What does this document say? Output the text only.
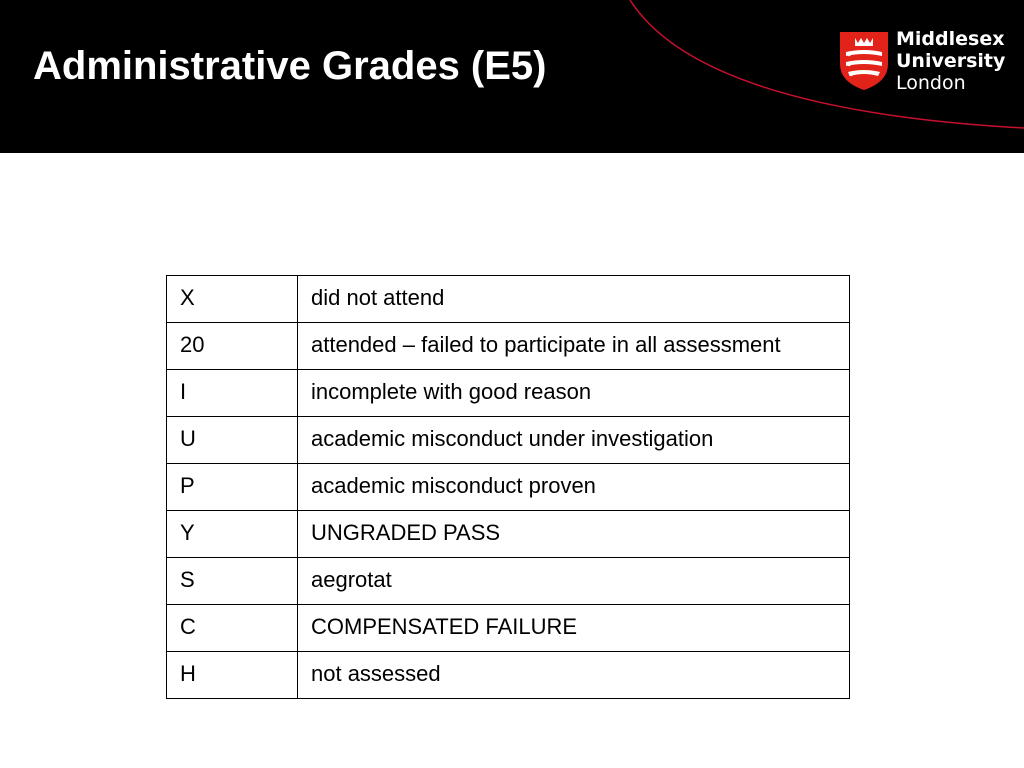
Administrative Grades (E5)
Middlesex
University
London
X	did not attend
20	attended – failed to participate in all assessment
I	incomplete with good reason
U	academic misconduct under investigation
P	academic misconduct proven
Y	UNGRADED PASS
S	aegrotat
C	COMPENSATED FAILURE
H	not assessed
